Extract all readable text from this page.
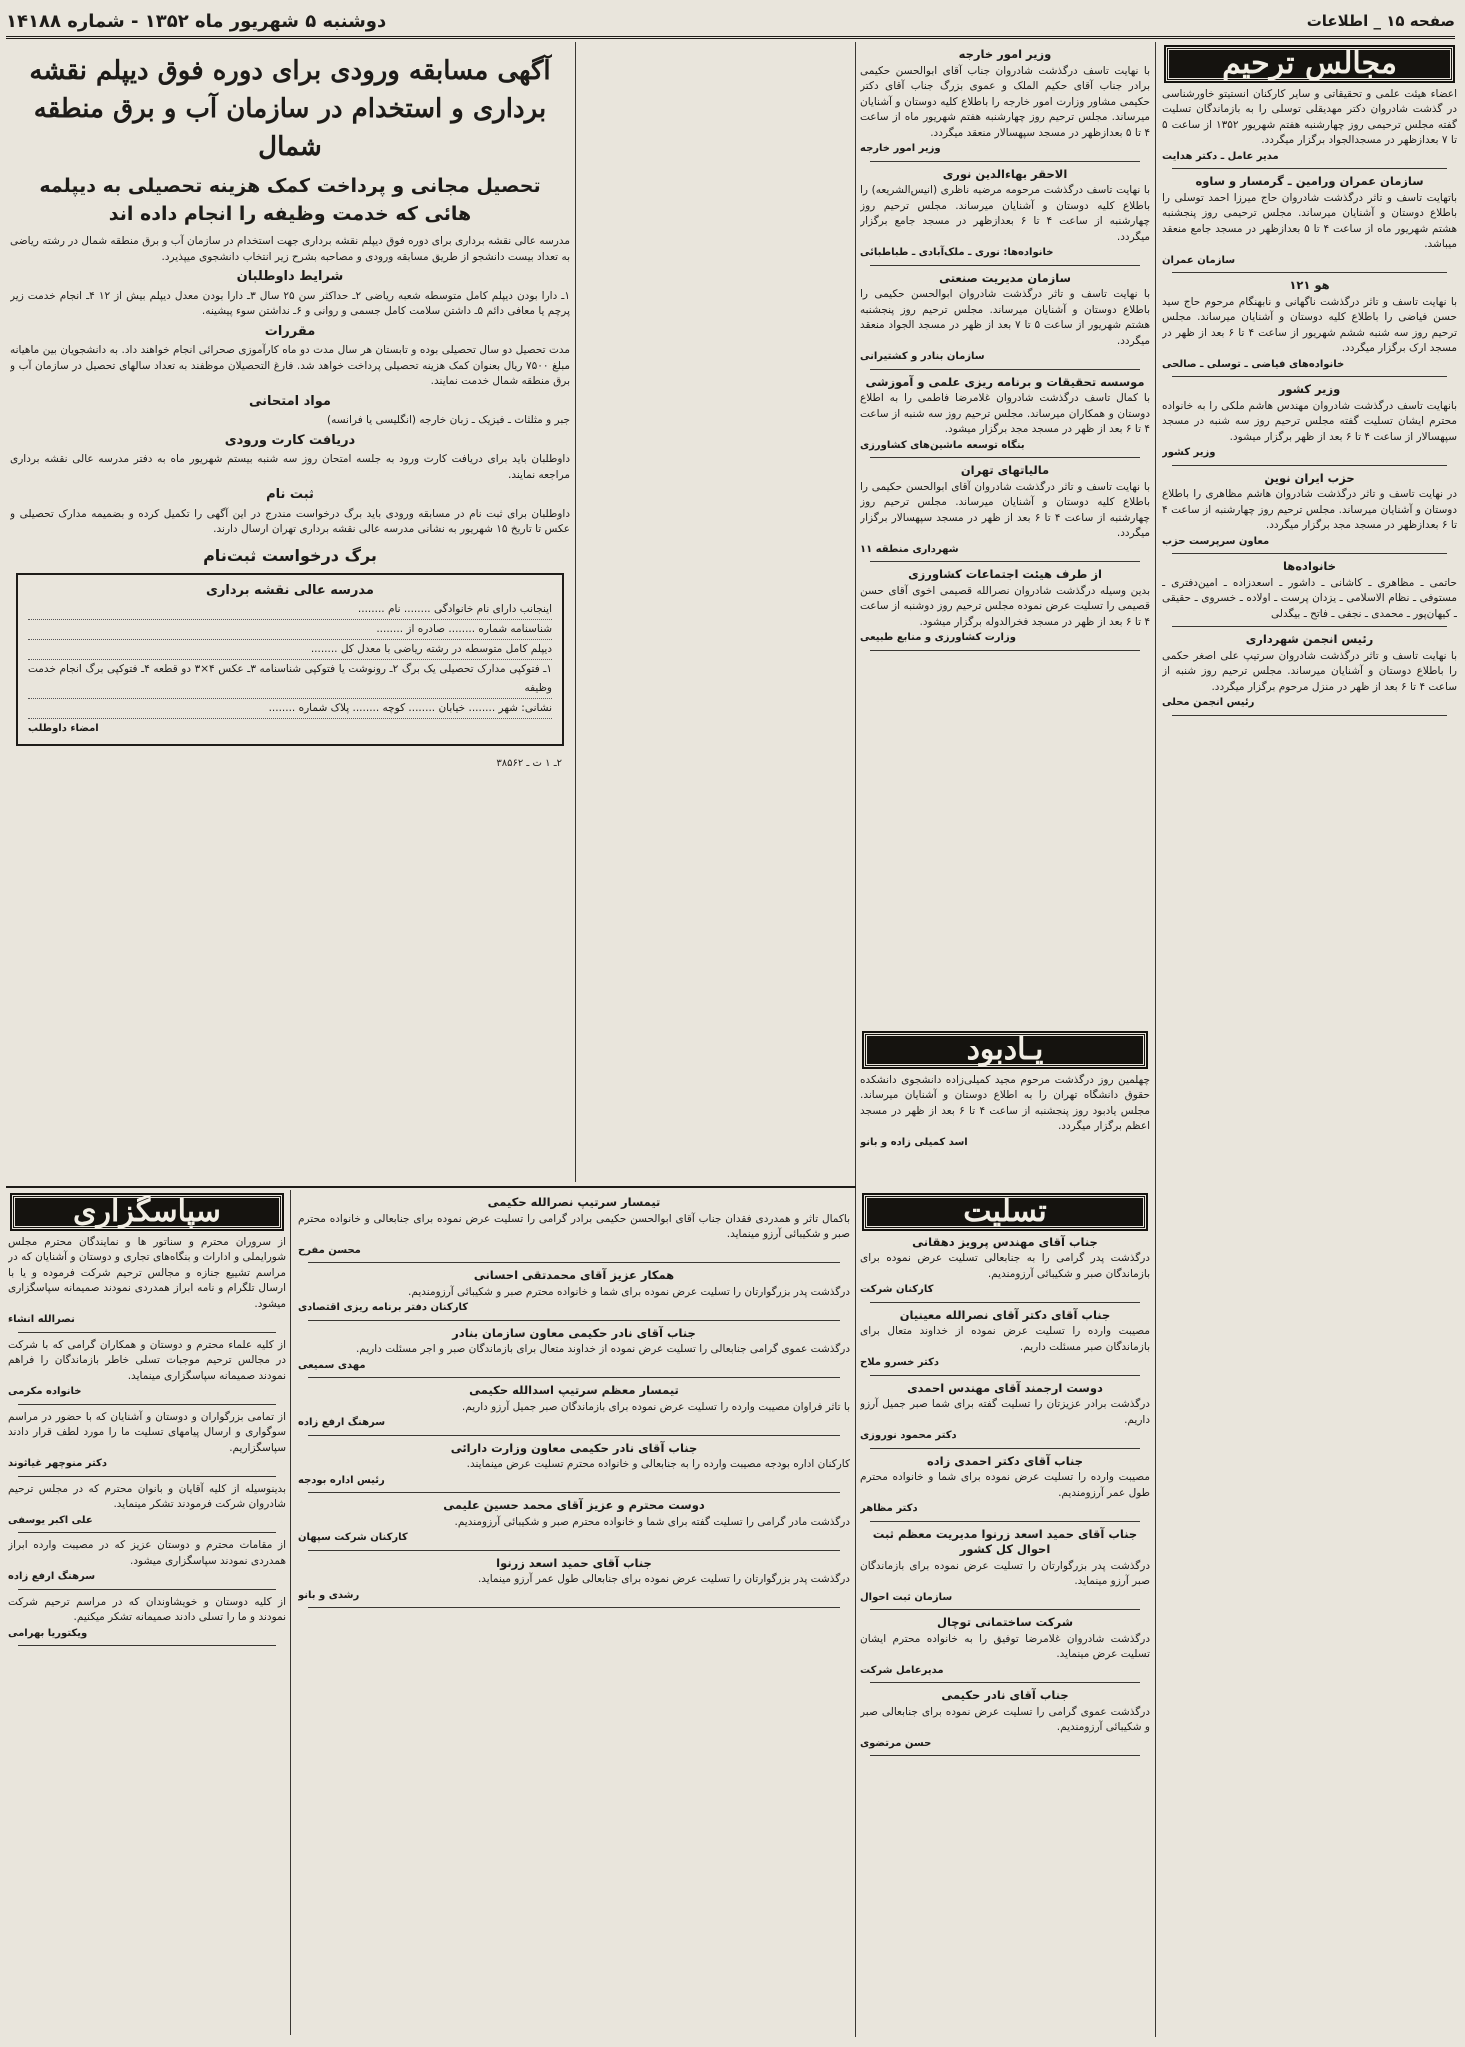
صفحه ۱۵ _ اطلاعات
دوشنبه ۵ شهریور ماه ۱۳۵۲ - شماره ۱۴۱۸۸
مجالس ترحیم

اعضاء هیئت علمی و تحقیقاتی و سایر کارکنان انستیتو خاورشناسی در گذشت شادروان دکتر مهدیقلی توسلی را به بازماندگان تسلیت گفته مجلس ترحیمی روز چهارشنبه هفتم شهریور ۱۳۵۲ از ساعت ۵ تا ۷ بعدازظهر در مسجدالجواد برگزار میگردد.

مدیر عامل ـ دکتر هدایت
سازمان عمران ورامین ـ گرمسار و ساوه

باتهایت تاسف و تاثر درگذشت شادروان حاج میرزا احمد توسلی را باطلاع دوستان و آشنایان میرساند. مجلس ترحیمی روز پنجشنبه هشتم شهریور ماه از ساعت ۴ تا ۵ بعدازظهر در مسجد جامع منعقد میباشد.

سازمان عمران
هو ۱۲۱

با نهایت تاسف و تاثر درگذشت ناگهانی و نابهنگام مرحوم حاج سید حسن فیاضی را باطلاع کلیه دوستان و آشنایان میرساند. مجلس ترحیم روز سه شنبه ششم شهریور از ساعت ۴ تا ۶ بعد از ظهر در مسجد ارک برگزار میگردد.

خانواده‌های فیاضی ـ توسلی ـ صالحی
وزیر کشور

بانهایت تاسف درگذشت شادروان مهندس هاشم ملکی را به خانواده محترم ایشان تسلیت گفته مجلس ترحیم روز سه شنبه در مسجد سپهسالار از ساعت ۴ تا ۶ بعد از ظهر برگزار میشود.

وزیر کشور
حزب ایران نوین

در نهایت تاسف و تاثر درگذشت شادروان هاشم مظاهری را باطلاع دوستان و آشنایان میرساند. مجلس ترحیم روز چهارشنبه از ساعت ۴ تا ۶ بعدازظهر در مسجد مجد برگزار میگردد.

معاون سرپرست حزب
خانواده‌ها

حاتمی ـ مظاهری ـ کاشانی ـ داشور ـ اسعدزاده ـ امین‌دفتری ـ مستوفی ـ نظام الاسلامی ـ یزدان پرست ـ اولاده ـ خسروی ـ حقیقی ـ کیهان‌پور ـ محمدی ـ نجفی ـ فاتح ـ بیگدلی

رئیس انجمن شهرداری

با نهایت تاسف و تاثر درگذشت شادروان سرتیپ علی اصغر حکمی را باطلاع دوستان و آشنایان میرساند. مجلس ترحیم روز شنبه از ساعت ۴ تا ۶ بعد از ظهر در منزل مرحوم برگزار میگردد.

رئیس انجمن محلی
وزیر امور خارجه

با نهایت تاسف درگذشت شادروان جناب آقای ابوالحسن حکیمی برادر جناب آقای حکیم الملک و عموی بزرگ جناب آقای دکتر حکیمی مشاور وزارت امور خارجه را باطلاع کلیه دوستان و آشنایان میرساند. مجلس ترحیم روز چهارشنبه هفتم شهریور ماه از ساعت ۴ تا ۵ بعدازظهر در مسجد سپهسالار منعقد میگردد.

وزیر امور خارجه
الاحقر بهاءالدین نوری

با نهایت تاسف درگذشت مرحومه مرضیه ناظری (انیس‌الشریعه) را باطلاع کلیه دوستان و آشنایان میرساند. مجلس ترحیم روز چهارشنبه از ساعت ۴ تا ۶ بعدازظهر در مسجد جامع برگزار میگردد.

خانواده‌ها: نوری ـ ملک‌آبادی ـ طباطبائی
سازمان مدیریت صنعتی

با نهایت تاسف و تاثر درگذشت شادروان ابوالحسن حکیمی را باطلاع دوستان و آشنایان میرساند. مجلس ترحیم روز پنجشنبه هشتم شهریور از ساعت ۵ تا ۷ بعد از ظهر در مسجد الجواد منعقد میگردد.

سازمان بنادر و کشتیرانی
موسسه تحقیقات و برنامه ریزی علمی و آموزشی

با کمال تاسف درگذشت شادروان غلامرضا فاطمی را به اطلاع دوستان و همکاران میرساند. مجلس ترحیم روز سه شنبه از ساعت ۴ تا ۶ بعد از ظهر در مسجد مجد برگزار میشود.

بنگاه توسعه ماشین‌های کشاورزی
مالیاتهای تهران

با نهایت تاسف و تاثر درگذشت شادروان آقای ابوالحسن حکیمی را باطلاع کلیه دوستان و آشنایان میرساند. مجلس ترحیم روز چهارشنبه از ساعت ۴ تا ۶ بعد از ظهر در مسجد سپهسالار برگزار میگردد.

شهرداری منطقه ۱۱
از طرف هیئت اجتماعات کشاورزی

بدین وسیله درگذشت شادروان نصرالله قصیمی اخوی آقای حسن قصیمی را تسلیت عرض نموده مجلس ترحیم روز دوشنبه از ساعت ۴ تا ۶ بعد از ظهر در مسجد فخرالدوله برگزار میشود.

وزارت کشاورزی و منابع طبیعی
یـادبود

چهلمین روز درگذشت مرحوم مجید کمیلی‌زاده دانشجوی دانشکده حقوق دانشگاه تهران را به اطلاع دوستان و آشنایان میرساند. مجلس یادبود روز پنجشنبه از ساعت ۴ تا ۶ بعد از ظهر در مسجد اعظم برگزار میگردد.

اسد کمیلی زاده و بانو
تسلیت
جناب آقای مهندس پرویز دهقانی

درگذشت پدر گرامی را به جنابعالی تسلیت عرض نموده برای بازماندگان صبر و شکیبائی آرزومندیم.

کارکنان شرکت
جناب آقای دکتر آقای نصرالله معینیان

مصیبت وارده را تسلیت عرض نموده از خداوند متعال برای بازماندگان صبر مسئلت داریم.

دکتر خسرو ملاح
دوست ارجمند آقای مهندس احمدی

درگذشت برادر عزیزتان را تسلیت گفته برای شما صبر جمیل آرزو داریم.

دکتر محمود نوروزی
جناب آقای دکتر احمدی زاده

مصیبت وارده را تسلیت عرض نموده برای شما و خانواده محترم طول عمر آرزومندیم.

دکتر مظاهر
جناب آقای حمید اسعد زرنوا مدیریت معظم ثبت احوال کل کشور

درگذشت پدر بزرگوارتان را تسلیت عرض نموده برای بازماندگان صبر آرزو مینماید.

سازمان ثبت احوال
شرکت ساختمانی توچال

درگذشت شادروان غلامرضا توفیق را به خانواده محترم ایشان تسلیت عرض مینماید.

مدیرعامل شرکت
جناب آقای نادر حکیمی

درگذشت عموی گرامی را تسلیت عرض نموده برای جنابعالی صبر و شکیبائی آرزومندیم.

حسن مرتضوی
آگهی مسابقه ورودی برای دوره فوق دیپلم نقشه برداری و استخدام در سازمان آب و برق منطقه شمال
تحصیل مجانی و پرداخت کمک هزینه تحصیلی به دیپلمه هائی که خدمت وظیفه را انجام داده اند

مدرسه عالی نقشه برداری برای دوره فوق دیپلم نقشه برداری جهت استخدام در سازمان آب و برق منطقه شمال در رشته ریاضی به تعداد بیست دانشجو از طریق مسابقه ورودی و مصاحبه بشرح زیر انتخاب دانشجوی میپذیرد.

شرایط داوطلبان

۱ـ دارا بودن دیپلم کامل متوسطه شعبه ریاضی ۲ـ حداکثر سن ۲۵ سال ۳ـ دارا بودن معدل دیپلم بیش از ۱۲ ۴ـ انجام خدمت زیر پرچم یا معافی دائم ۵ـ داشتن سلامت کامل جسمی و روانی و ۶ـ نداشتن سوء پیشینه.

مقررات

مدت تحصیل دو سال تحصیلی بوده و تابستان هر سال مدت دو ماه کارآموزی صحرائی انجام خواهند داد. به دانشجویان بین ماهیانه مبلغ ۷۵۰۰ ریال بعنوان کمک هزینه تحصیلی پرداخت خواهد شد. فارغ التحصیلان موظفند به تعداد سالهای تحصیل در سازمان آب و برق منطقه شمال خدمت نمایند.

مواد امتحانی

جبر و مثلثات ـ فیزیک ـ زبان خارجه (انگلیسی یا فرانسه)

دریافت کارت ورودی

داوطلبان باید برای دریافت کارت ورود به جلسه امتحان روز سه شنبه بیستم شهریور ماه به دفتر مدرسه عالی نقشه برداری مراجعه نمایند.

ثبت نام

داوطلبان برای ثبت نام در مسابقه ورودی باید برگ درخواست مندرج در این آگهی را تکمیل کرده و بضمیمه مدارک تحصیلی و عکس تا تاریخ ۱۵ شهریور به نشانی مدرسه عالی نقشه برداری تهران ارسال دارند.

برگ درخواست ثبت‌نام
مدرسه عالی نقشه برداری
اینجانب دارای نام خانوادگی ........ نام ........
شناسنامه شماره ........ صادره از ........
دیپلم کامل متوسطه در رشته ریاضی با معدل کل ........
۱ـ فتوکپی مدارک تحصیلی یک برگ ۲ـ رونوشت یا فتوکپی شناسنامه ۳ـ عکس ۴×۳ دو قطعه ۴ـ فتوکپی برگ انجام خدمت وظیفه
نشانی: شهر ........ خیابان ........ کوچه ........ پلاک شماره ........
امضاء داوطلب
۲ـ ۱ ت ـ ۳۸۵۶۲
تیمسار سرتیپ نصرالله حکیمی

باکمال تاثر و همدردی فقدان جناب آقای ابوالحسن حکیمی برادر گرامی را تسلیت عرض نموده برای جنابعالی و خانواده محترم صبر و شکیبائی آرزو مینماید.

محسن مفرح
همکار عزیز آقای محمدتقی احسانی

درگذشت پدر بزرگوارتان را تسلیت عرض نموده برای شما و خانواده محترم صبر و شکیبائی آرزومندیم.

کارکنان دفتر برنامه ریزی اقتصادی
جناب آقای نادر حکیمی معاون سازمان بنادر

درگذشت عموی گرامی جنابعالی را تسلیت عرض نموده از خداوند متعال برای بازماندگان صبر و اجر مسئلت داریم.

مهدی سمیعی
تیمسار معظم سرتیپ اسدالله حکیمی

با تاثر فراوان مصیبت وارده را تسلیت عرض نموده برای بازماندگان صبر جمیل آرزو داریم.

سرهنگ ارفع زاده
جناب آقای نادر حکیمی معاون وزارت دارائی

کارکنان اداره بودجه مصیبت وارده را به جنابعالی و خانواده محترم تسلیت عرض مینمایند.

رئیس اداره بودجه
دوست محترم و عزیز آقای محمد حسین علیمی

درگذشت مادر گرامی را تسلیت گفته برای شما و خانواده محترم صبر و شکیبائی آرزومندیم.

کارکنان شرکت سپهان
جناب آقای حمید اسعد زرنوا

درگذشت پدر بزرگوارتان را تسلیت عرض نموده برای جنابعالی طول عمر آرزو مینماید.

رشدی و بانو
سپاسگزاری

از سروران محترم و سناتور ها و نمایندگان محترم مجلس شورایملی و ادارات و بنگاه‌های تجاری و دوستان و آشنایان که در مراسم تشییع جنازه و مجالس ترحیم شرکت فرموده و یا با ارسال تلگرام و نامه ابراز همدردی نمودند صمیمانه سپاسگزاری میشود.

نصرالله انشاء

از کلیه علماء محترم و دوستان و همکاران گرامی که با شرکت در مجالس ترحیم موجبات تسلی خاطر بازماندگان را فراهم نمودند صمیمانه سپاسگزاری مینماید.

خانواده مکرمی

از تمامی بزرگواران و دوستان و آشنایان که با حضور در مراسم سوگواری و ارسال پیامهای تسلیت ما را مورد لطف قرار دادند سپاسگزاریم.

دکتر منوچهر غیاثوند

بدینوسیله از کلیه آقایان و بانوان محترم که در مجلس ترحیم شادروان شرکت فرمودند تشکر مینماید.

علی اکبر یوسفی

از مقامات محترم و دوستان عزیز که در مصیبت وارده ابراز همدردی نمودند سپاسگزاری میشود.

سرهنگ ارفع زاده

از کلیه دوستان و خویشاوندان که در مراسم ترحیم شرکت نمودند و ما را تسلی دادند صمیمانه تشکر میکنیم.

ویکتوریا بهرامی
